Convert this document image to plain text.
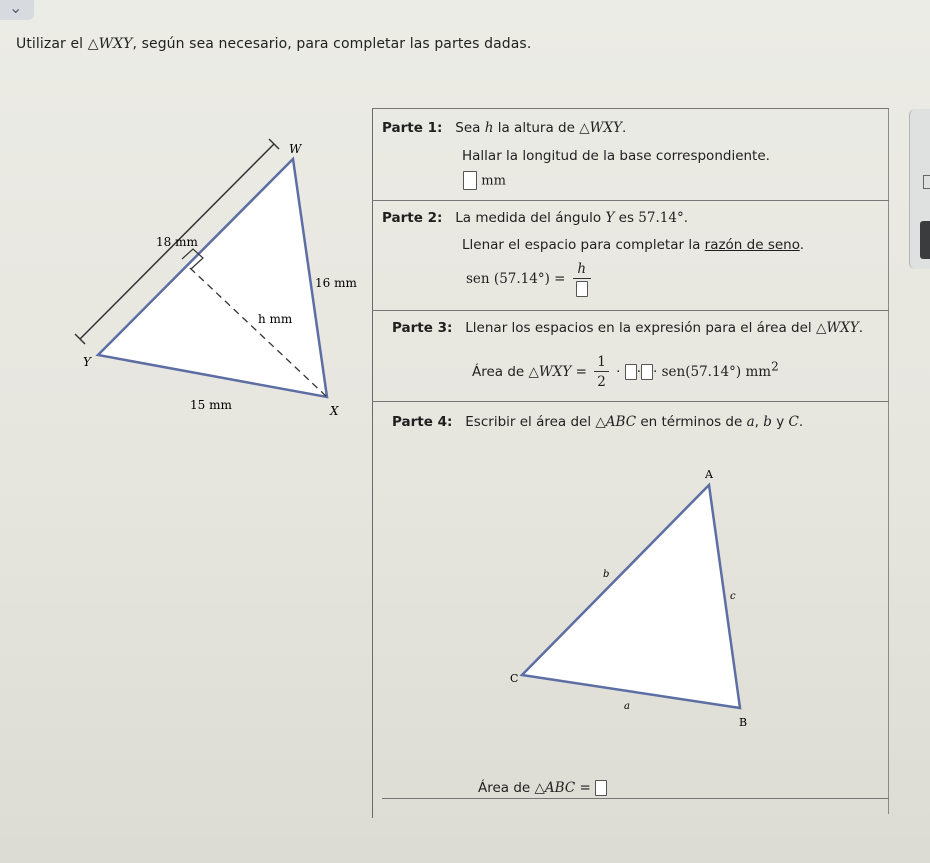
⌄
Utilizar el △WXY, según sea necesario, para completar las partes dadas.
W
X
Y
18 mm
16 mm
15 mm
h mm
Parte 1: Sea h la altura de △WXY.
Hallar la longitud de la base correspondiente.
mm
Parte 2: La medida del ángulo Y es 57.14°.
Llenar el espacio para completar la razón de seno.
sen (57.14°) =
h
Parte 3: Llenar los espacios en la expresión para el área del △WXY.
Área de △WXY = $\frac{1}{2}$ · · · sen(57.14°) $mm^2$
Parte 4: Escribir el área del △ABC en términos de a, b y C.
A
B
C
a
b
c
Área de △ABC =
